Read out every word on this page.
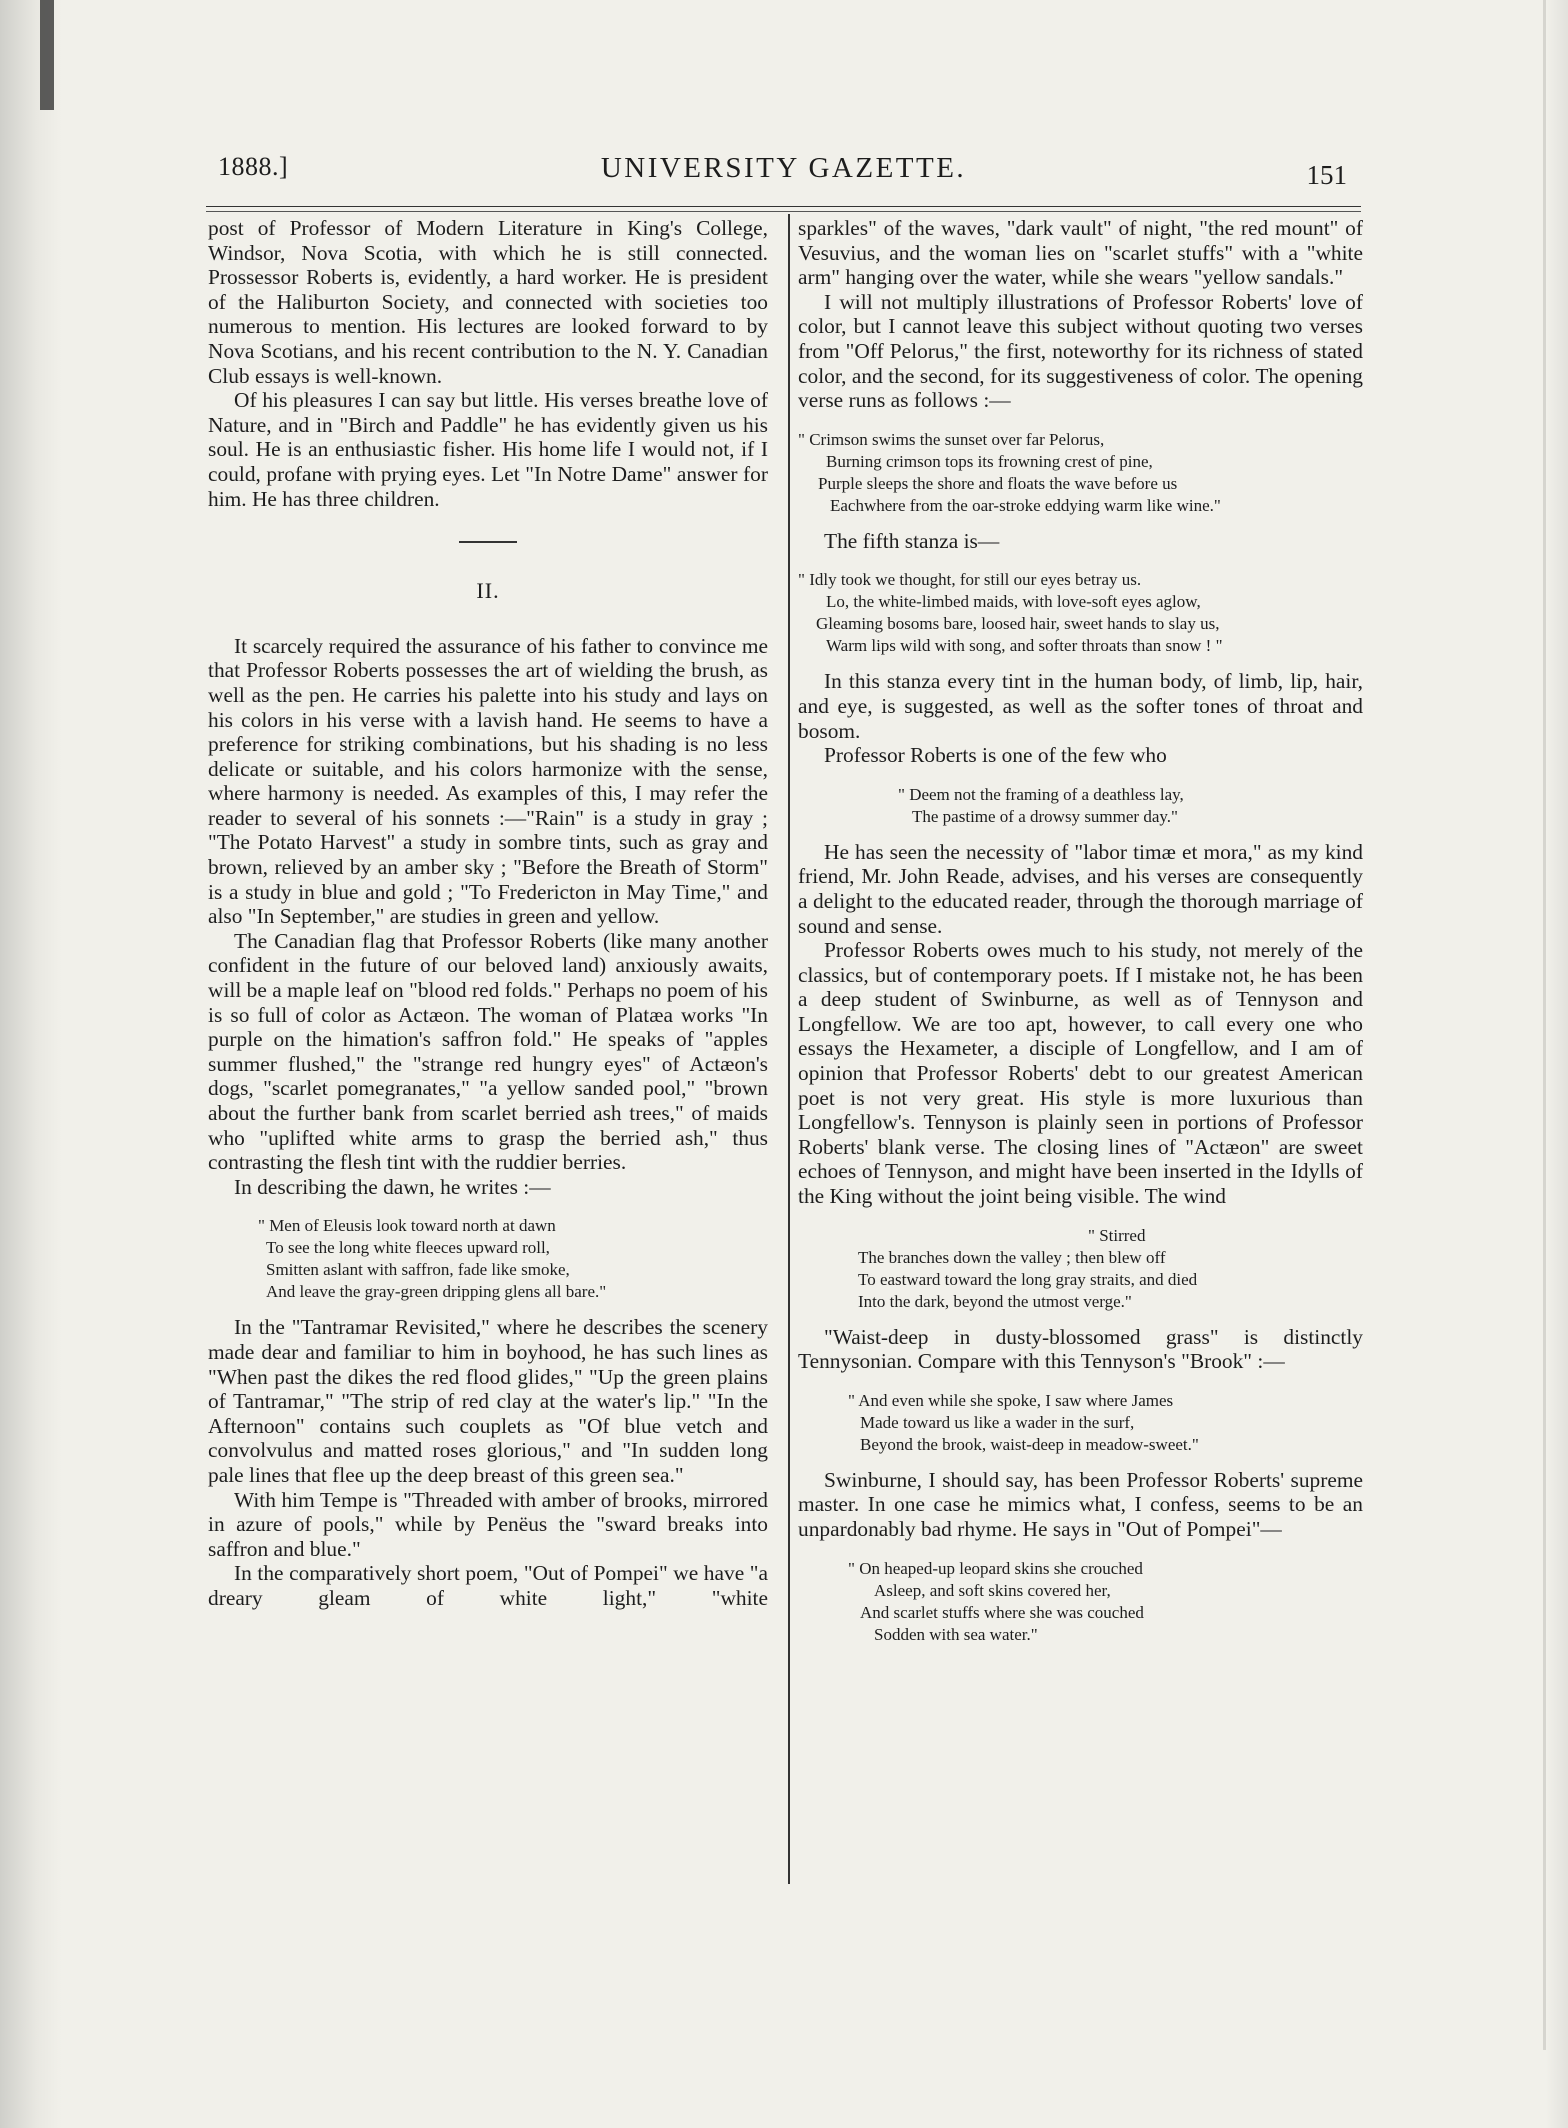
1888.]	UNIVERSITY GAZETTE.	151

post of Professor of Modern Literature in King's College, Windsor, Nova Scotia, with which he is still connected. Prossessor Roberts is, evidently, a hard worker. He is president of the Haliburton Society, and connected with societies too numerous to mention. His lectures are looked forward to by Nova Scotians, and his recent contribution to the N. Y. Canadian Club essays is well-known.

Of his pleasures I can say but little. His verses breathe love of Nature, and in "Birch and Paddle" he has evidently given us his soul. He is an enthusiastic fisher. His home life I would not, if I could, profane with prying eyes. Let "In Notre Dame" answer for him. He has three children.

II.

It scarcely required the assurance of his father to convince me that Professor Roberts possesses the art of wielding the brush, as well as the pen. He carries his palette into his study and lays on his colors in his verse with a lavish hand. He seems to have a preference for striking combinations, but his shading is no less delicate or suitable, and his colors harmonize with the sense, where harmony is needed. As examples of this, I may refer the reader to several of his sonnets :—"Rain" is a study in gray ; "The Potato Harvest" a study in sombre tints, such as gray and brown, relieved by an amber sky ; "Before the Breath of Storm" is a study in blue and gold ; "To Fredericton in May Time," and also "In September," are studies in green and yellow.

The Canadian flag that Professor Roberts (like many another confident in the future of our beloved land) anxiously awaits, will be a maple leaf on "blood red folds." Perhaps no poem of his is so full of color as Actæon. The woman of Platæa works "In purple on the himation's saffron fold." He speaks of "apples summer flushed," the "strange red hungry eyes" of Actæon's dogs, "scarlet pomegranates," "a yellow sanded pool," "brown about the further bank from scarlet berried ash trees," of maids who "uplifted white arms to grasp the berried ash," thus contrasting the flesh tint with the ruddier berries.

In describing the dawn, he writes :—

" Men of Eleusis look toward north at dawn
To see the long white fleeces upward roll,
Smitten aslant with saffron, fade like smoke,
And leave the gray-green dripping glens all bare."

In the "Tantramar Revisited," where he describes the scenery made dear and familiar to him in boyhood, he has such lines as "When past the dikes the red flood glides," "Up the green plains of Tantramar," "The strip of red clay at the water's lip." "In the Afternoon" contains such couplets as "Of blue vetch and convolvulus and matted roses glorious," and "In sudden long pale lines that flee up the deep breast of this green sea."

With him Tempe is "Threaded with amber of brooks, mirrored in azure of pools," while by Penëus the "sward breaks into saffron and blue."

In the comparatively short poem, "Out of Pompei" we have "a dreary gleam of white light," "white

sparkles" of the waves, "dark vault" of night, "the red mount" of Vesuvius, and the woman lies on "scarlet stuffs" with a "white arm" hanging over the water, while she wears "yellow sandals."

I will not multiply illustrations of Professor Roberts' love of color, but I cannot leave this subject without quoting two verses from "Off Pelorus," the first, noteworthy for its richness of stated color, and the second, for its suggestiveness of color. The opening verse runs as follows :—

" Crimson swims the sunset over far Pelorus,
Burning crimson tops its frowning crest of pine,
Purple sleeps the shore and floats the wave before us
Eachwhere from the oar-stroke eddying warm like wine."

The fifth stanza is—

" Idly took we thought, for still our eyes betray us.
Lo, the white-limbed maids, with love-soft eyes aglow,
Gleaming bosoms bare, loosed hair, sweet hands to slay us,
Warm lips wild with song, and softer throats than snow ! "

In this stanza every tint in the human body, of limb, lip, hair, and eye, is suggested, as well as the softer tones of throat and bosom.

Professor Roberts is one of the few who

" Deem not the framing of a deathless lay,
The pastime of a drowsy summer day."

He has seen the necessity of "labor timæ et mora," as my kind friend, Mr. John Reade, advises, and his verses are consequently a delight to the educated reader, through the thorough marriage of sound and sense.

Professor Roberts owes much to his study, not merely of the classics, but of contemporary poets. If I mistake not, he has been a deep student of Swinburne, as well as of Tennyson and Longfellow. We are too apt, however, to call every one who essays the Hexameter, a disciple of Longfellow, and I am of opinion that Professor Roberts' debt to our greatest American poet is not very great. His style is more luxurious than Longfellow's. Tennyson is plainly seen in portions of Professor Roberts' blank verse. The closing lines of "Actæon" are sweet echoes of Tennyson, and might have been inserted in the Idylls of the King without the joint being visible. The wind

" Stirred
The branches down the valley ; then blew off
To eastward toward the long gray straits, and died
Into the dark, beyond the utmost verge."

"Waist-deep in dusty-blossomed grass" is distinctly Tennysonian. Compare with this Tennyson's "Brook" :—

" And even while she spoke, I saw where James
Made toward us like a wader in the surf,
Beyond the brook, waist-deep in meadow-sweet."

Swinburne, I should say, has been Professor Roberts' supreme master. In one case he mimics what, I confess, seems to be an unpardonably bad rhyme. He says in "Out of Pompei"—

" On heaped-up leopard skins she crouched
Asleep, and soft skins covered her,
And scarlet stuffs where she was couched
Sodden with sea water."
